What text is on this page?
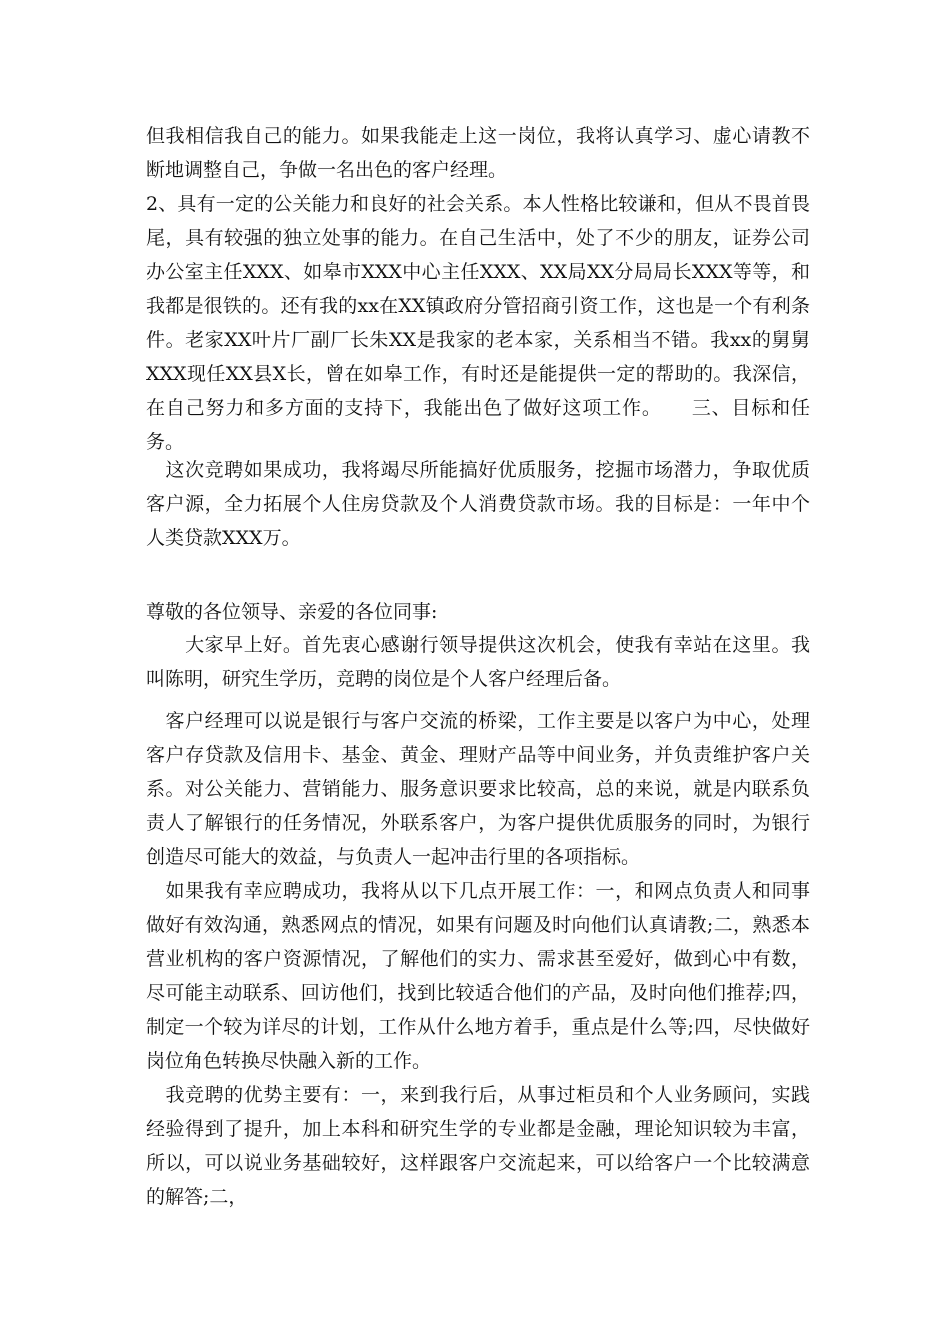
但我相信我自己的能力。如果我能走上这一岗位，我将认真学习、虚心请教不断地调整自己，争做一名出色的客户经理。

2、具有一定的公关能力和良好的社会关系。本人性格比较谦和，但从不畏首畏尾，具有较强的独立处事的能力。在自己生活中，处了不少的朋友，证券公司办公室主任XXX、如皋市XXX中心主任XXX、XX局XX分局局长XXX等等，和我都是很铁的。还有我的xx在XX镇政府分管招商引资工作，这也是一个有利条件。老家XX叶片厂副厂长朱XX是我家的老本家，关系相当不错。我xx的舅舅XXX现任XX县X长，曾在如皋工作，有时还是能提供一定的帮助的。我深信，在自己努力和多方面的支持下，我能出色了做好这项工作。　　三、目标和任务。

　这次竞聘如果成功，我将竭尽所能搞好优质服务，挖掘市场潜力，争取优质客户源，全力拓展个人住房贷款及个人消费贷款市场。我的目标是：一年中个人类贷款XXX万。

尊敬的各位领导、亲爱的各位同事:

　　大家早上好。首先衷心感谢行领导提供这次机会，使我有幸站在这里。我叫陈明，研究生学历，竞聘的岗位是个人客户经理后备。

　客户经理可以说是银行与客户交流的桥梁，工作主要是以客户为中心，处理客户存贷款及信用卡、基金、黄金、理财产品等中间业务，并负责维护客户关系。对公关能力、营销能力、服务意识要求比较高，总的来说，就是内联系负责人了解银行的任务情况，外联系客户，为客户提供优质服务的同时，为银行创造尽可能大的效益，与负责人一起冲击行里的各项指标。

　如果我有幸应聘成功，我将从以下几点开展工作：一，和网点负责人和同事做好有效沟通，熟悉网点的情况，如果有问题及时向他们认真请教;二，熟悉本营业机构的客户资源情况，了解他们的实力、需求甚至爱好，做到心中有数，尽可能主动联系、回访他们，找到比较适合他们的产品，及时向他们推荐;四，制定一个较为详尽的计划，工作从什么地方着手，重点是什么等;四，尽快做好岗位角色转换尽快融入新的工作。

　我竞聘的优势主要有：一，来到我行后，从事过柜员和个人业务顾问，实践经验得到了提升，加上本科和研究生学的专业都是金融，理论知识较为丰富，所以，可以说业务基础较好，这样跟客户交流起来，可以给客户一个比较满意的解答;二，
